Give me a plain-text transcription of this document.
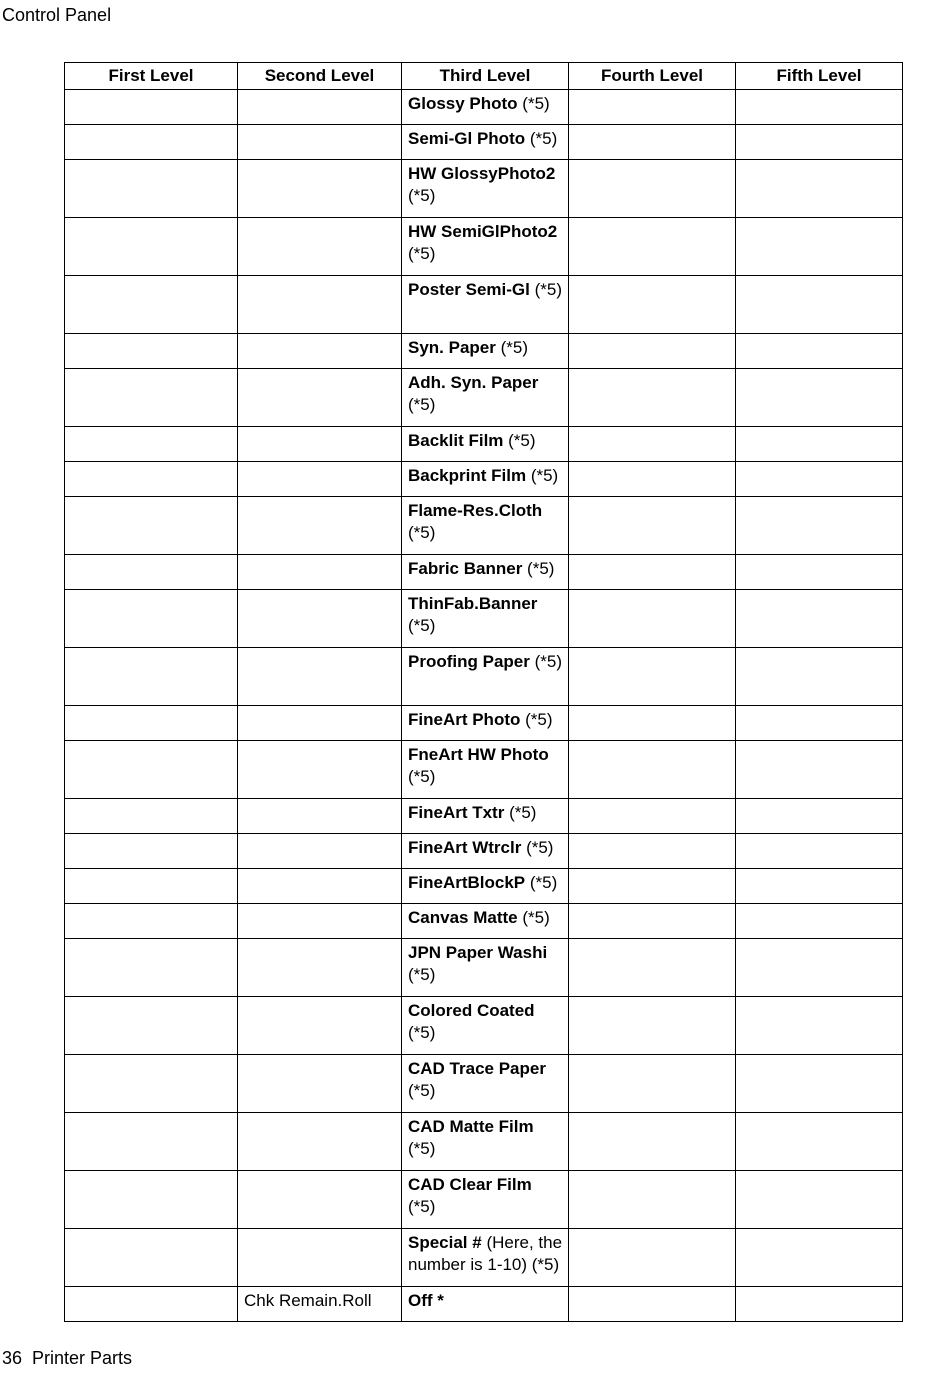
Control Panel
First Level	Second Level	Third Level	Fourth Level	Fifth Level
		Glossy Photo (*5)		
		Semi-Gl Photo (*5)		
		HW GlossyPhoto2 (*5)		
		HW SemiGlPhoto2 (*5)		
		Poster Semi-Gl (*5)		
		Syn. Paper (*5)		
		Adh. Syn. Paper (*5)		
		Backlit Film (*5)		
		Backprint Film (*5)		
		Flame-Res.Cloth (*5)		
		Fabric Banner (*5)		
		ThinFab.Banner (*5)		
		Proofing Paper (*5)		
		FineArt Photo (*5)		
		FneArt HW Photo (*5)		
		FineArt Txtr (*5)		
		FineArt Wtrclr (*5)		
		FineArtBlockP (*5)		
		Canvas Matte (*5)		
		JPN Paper Washi (*5)		
		Colored Coated (*5)		
		CAD Trace Paper (*5)		
		CAD Matte Film (*5)		
		CAD Clear Film (*5)		
		Special # (Here, the number is 1-10) (*5)		
	Chk Remain.Roll	Off *		
36  Printer Parts
